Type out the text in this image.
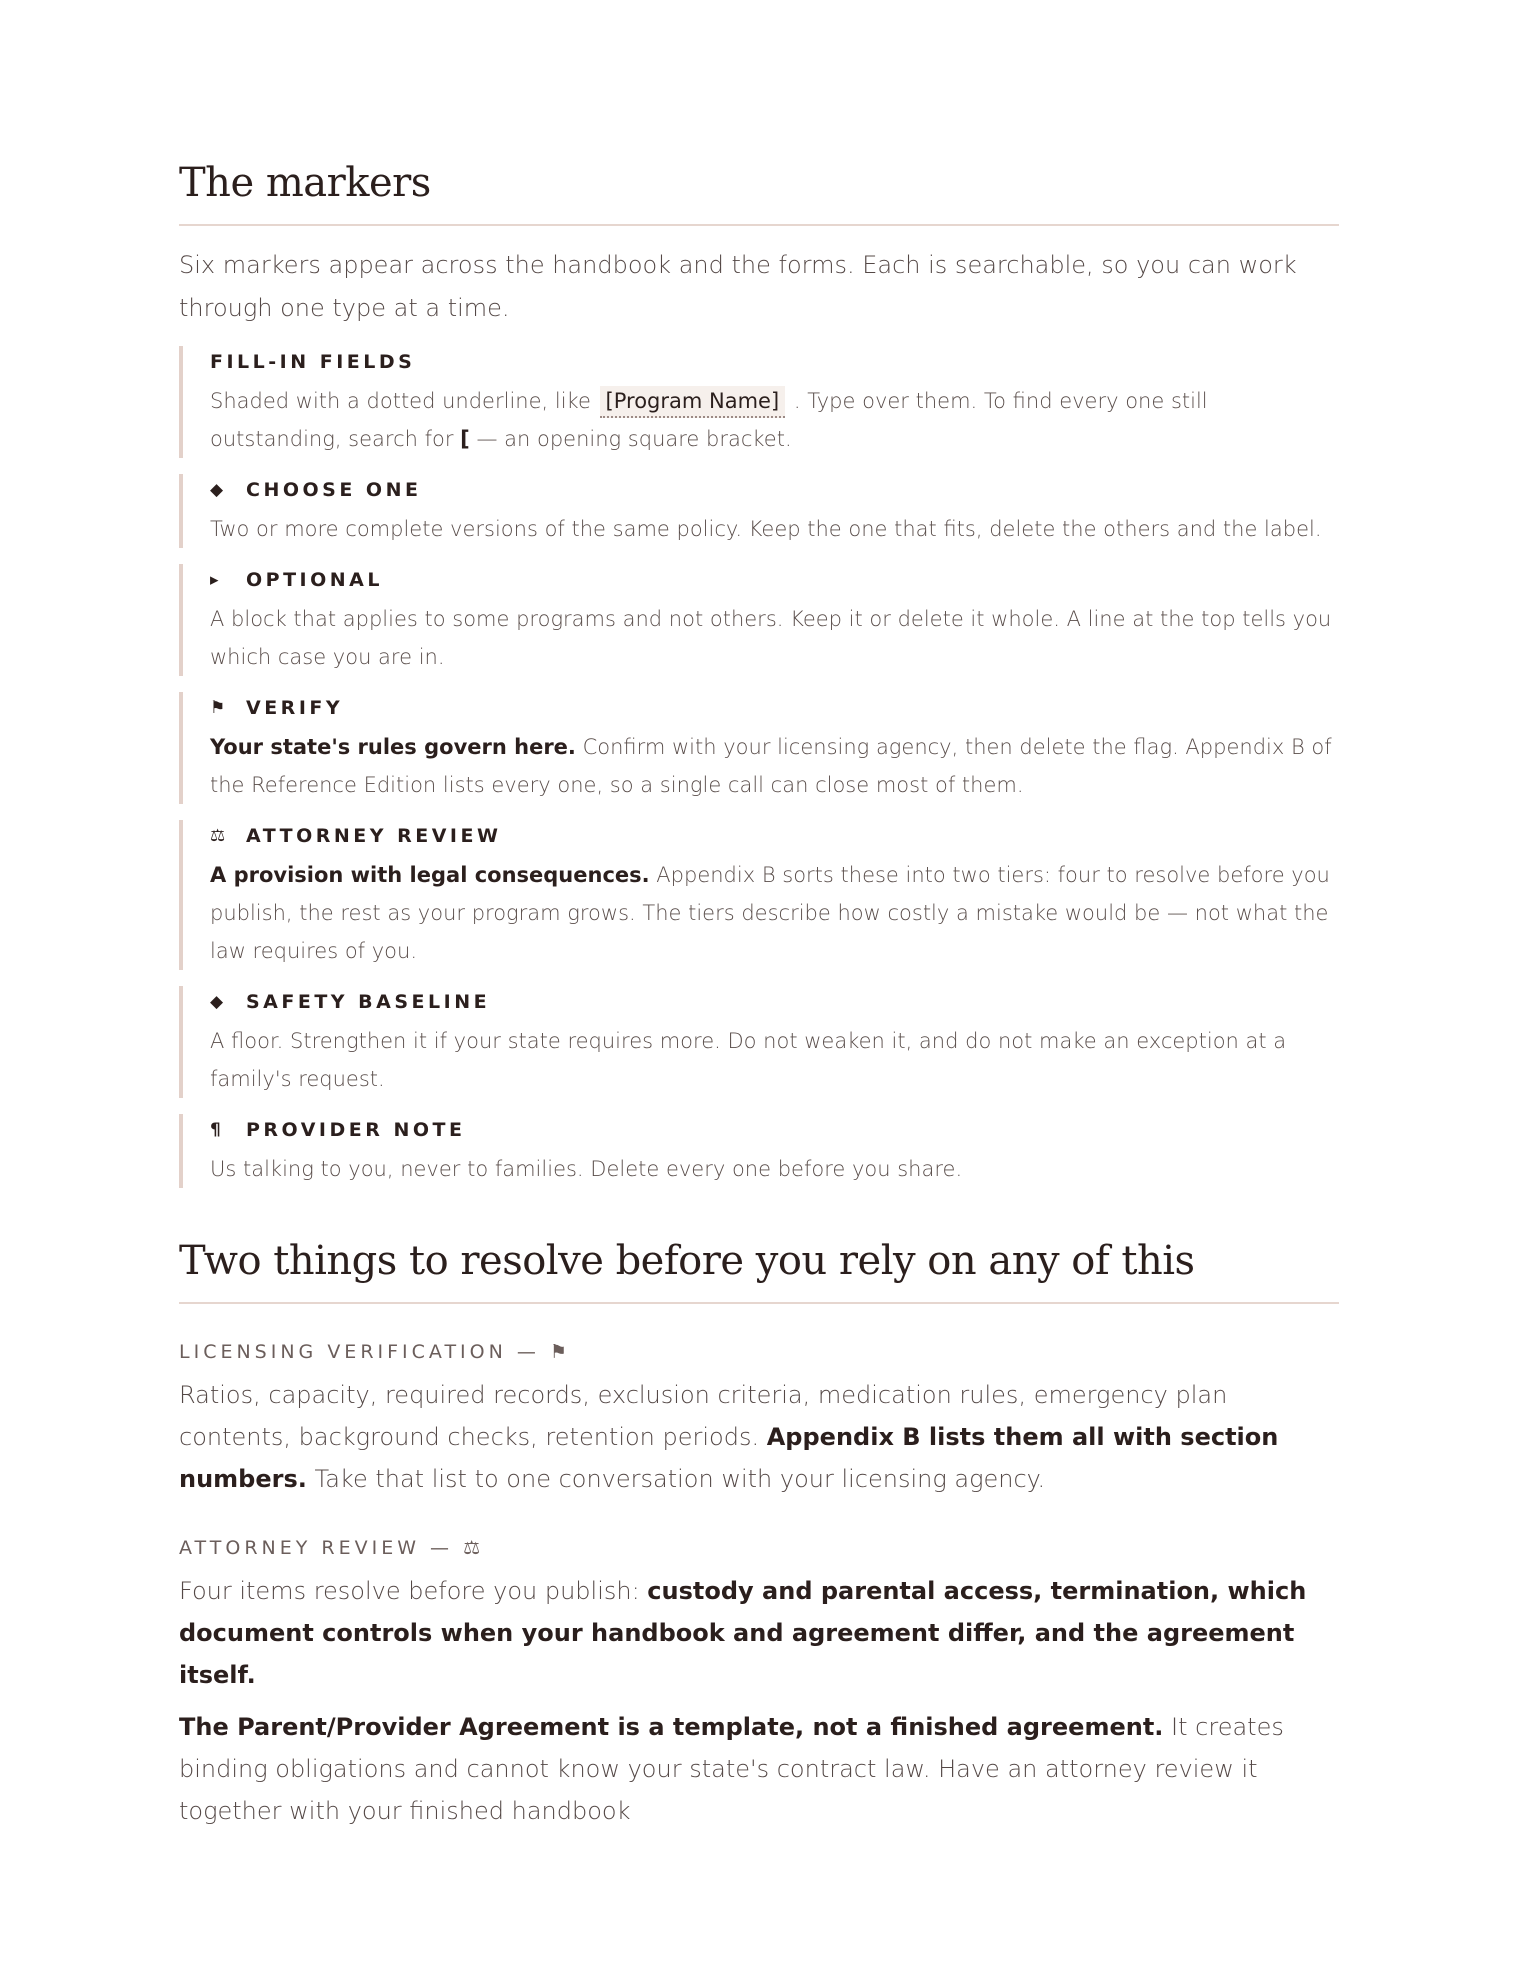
The markers

Six markers appear across the handbook and the forms. Each is searchable, so you can work through one type at a time.

FILL-IN FIELDS
Shaded with a dotted underline, like [Program Name] . Type over them. To find every one still outstanding, search for [ — an opening square bracket.
◆	CHOOSE ONE
Two or more complete versions of the same policy. Keep the one that fits, delete the others and the label.
▸	OPTIONAL
A block that applies to some programs and not others. Keep it or delete it whole. A line at the top tells you which case you are in.
⚑	VERIFY
Your state's rules govern here. Confirm with your licensing agency, then delete the flag. Appendix B of the Reference Edition lists every one, so a single call can close most of them.
⚖	ATTORNEY REVIEW
A provision with legal consequences. Appendix B sorts these into two tiers: four to resolve before you publish, the rest as your program grows. The tiers describe how costly a mistake would be — not what the law requires of you.
◆	SAFETY BASELINE
A floor. Strengthen it if your state requires more. Do not weaken it, and do not make an exception at a family's request.
¶	PROVIDER NOTE
Us talking to you, never to families. Delete every one before you share.
Two things to resolve before you rely on any of this
LICENSING VERIFICATION — ⚑

Ratios, capacity, required records, exclusion criteria, medication rules, emergency plan contents, background checks, retention periods. Appendix B lists them all with section numbers. Take that list to one conversation with your licensing agency.

ATTORNEY REVIEW — ⚖

Four items resolve before you publish: custody and parental access, termination, which document controls when your handbook and agreement differ, and the agreement itself.

The Parent/Provider Agreement is a template, not a finished agreement. It creates binding obligations and cannot know your state's contract law. Have an attorney review it together with your finished handbook
